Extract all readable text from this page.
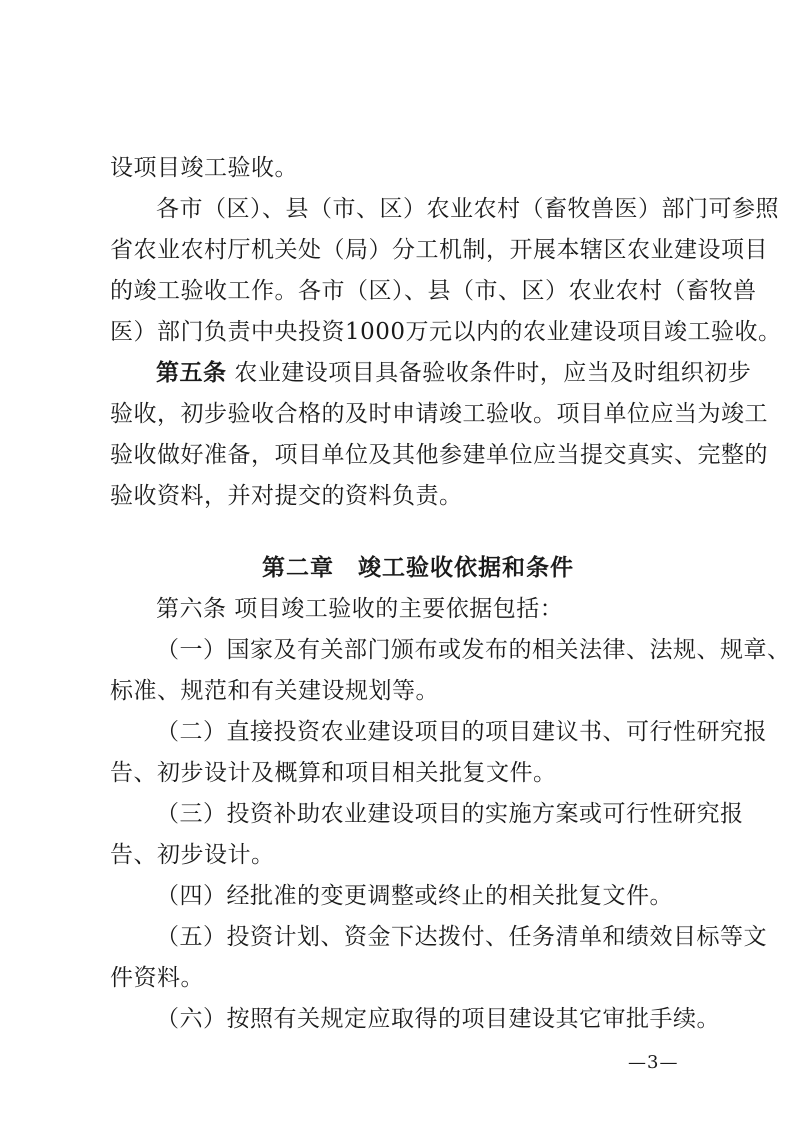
设项目竣工验收。
各市（区）、县（市、区）农业农村（畜牧兽医）部门可参照
省农业农村厅机关处（局）分工机制，开展本辖区农业建设项目
的竣工验收工作。各市（区）、县（市、区）农业农村（畜牧兽
医）部门负责中央投资1000万元以内的农业建设项目竣工验收。
第五条 农业建设项目具备验收条件时，应当及时组织初步
验收，初步验收合格的及时申请竣工验收。项目单位应当为竣工
验收做好准备，项目单位及其他参建单位应当提交真实、完整的
验收资料，并对提交的资料负责。
第二章 竣工验收依据和条件
第六条 项目竣工验收的主要依据包括：
（一）国家及有关部门颁布或发布的相关法律、法规、规章、
标准、规范和有关建设规划等。
（二）直接投资农业建设项目的项目建议书、可行性研究报
告、初步设计及概算和项目相关批复文件。
（三）投资补助农业建设项目的实施方案或可行性研究报
告、初步设计。
（四）经批准的变更调整或终止的相关批复文件。
（五）投资计划、资金下达拨付、任务清单和绩效目标等文
件资料。
（六）按照有关规定应取得的项目建设其它审批手续。
—3—
